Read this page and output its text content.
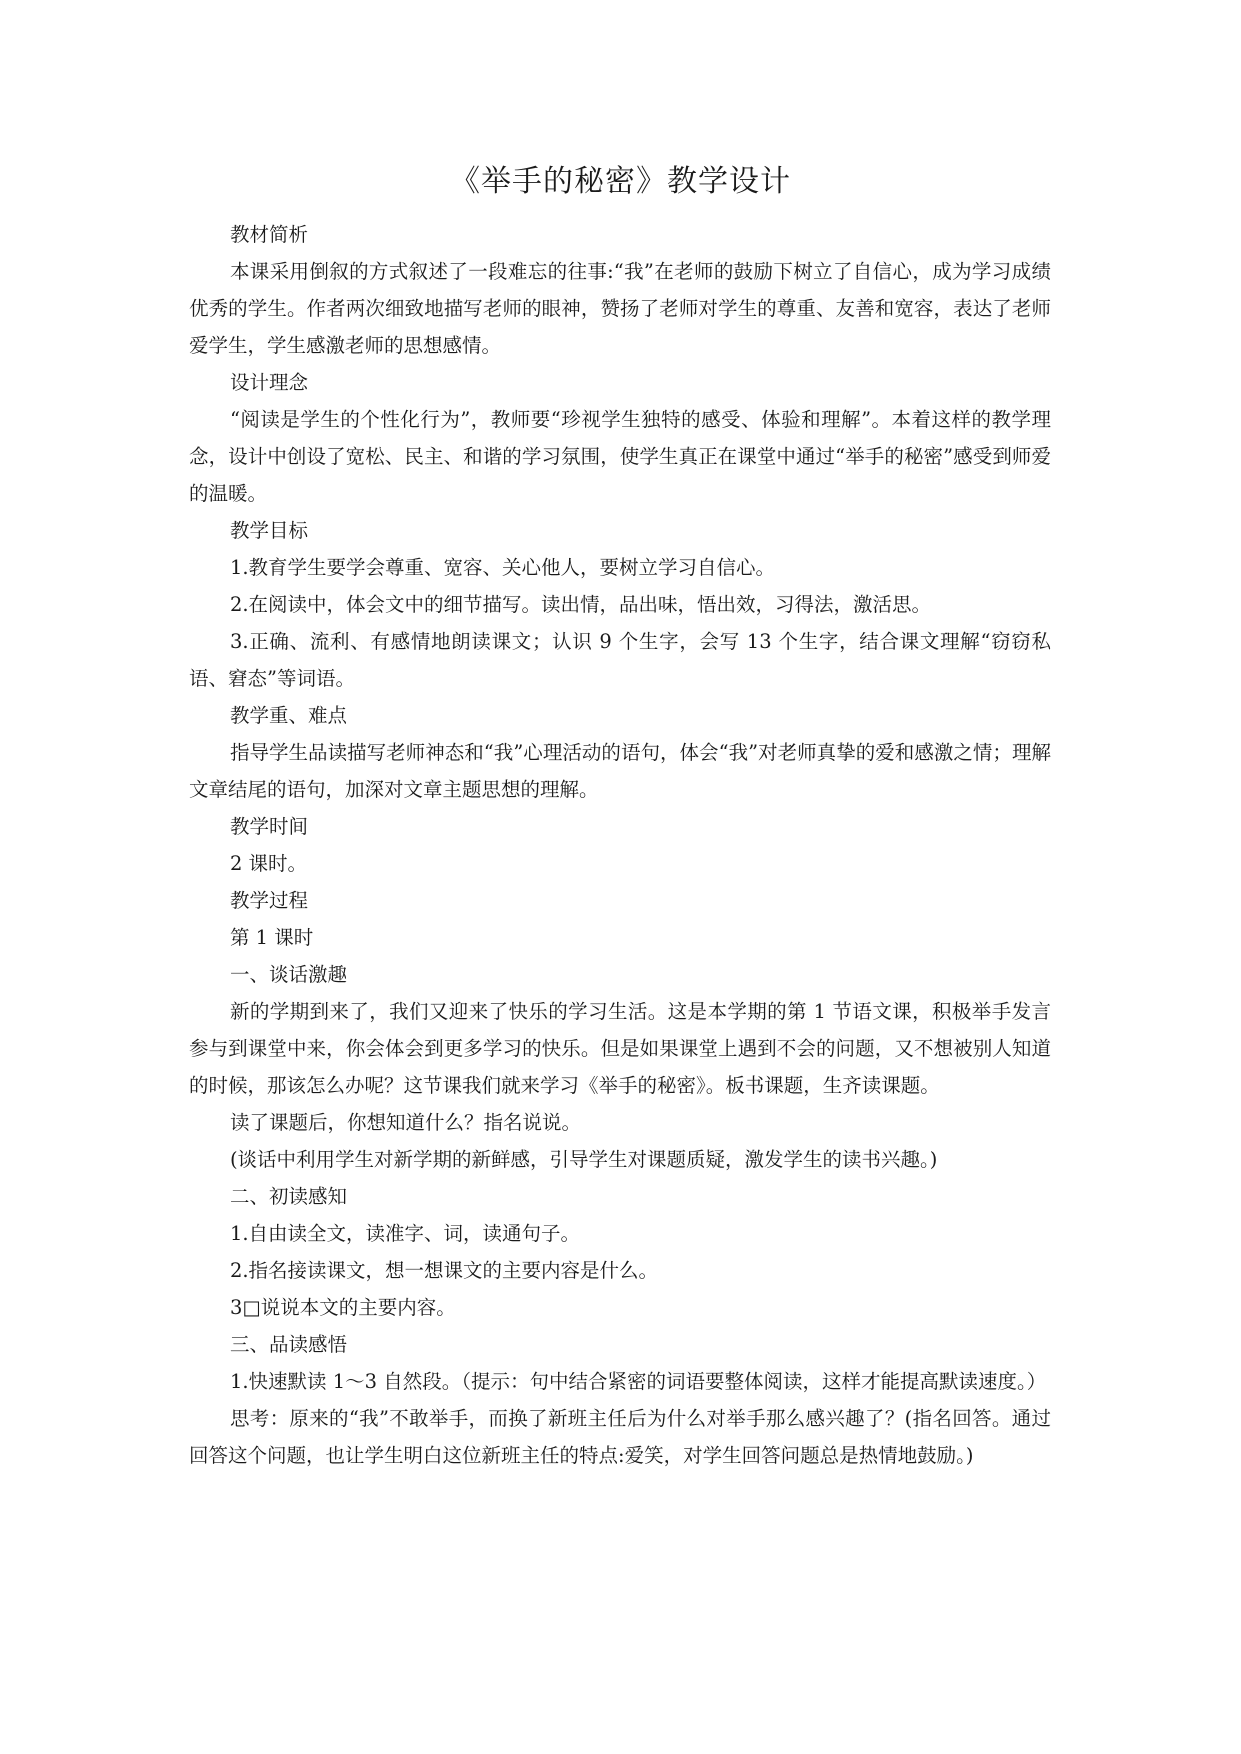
《举手的秘密》教学设计

教材简析

本课采用倒叙的方式叙述了一段难忘的往事:“我”在老师的鼓励下树立了自信心，成为学习成绩优秀的学生。作者两次细致地描写老师的眼神，赞扬了老师对学生的尊重、友善和宽容，表达了老师爱学生，学生感激老师的思想感情。

设计理念

“阅读是学生的个性化行为”，教师要“珍视学生独特的感受、体验和理解”。本着这样的教学理念，设计中创设了宽松、民主、和谐的学习氛围，使学生真正在课堂中通过“举手的秘密”感受到师爱的温暖。

教学目标

1.教育学生要学会尊重、宽容、关心他人，要树立学习自信心。

2.在阅读中，体会文中的细节描写。读出情，品出味，悟出效，习得法，激活思。

3.正确、流利、有感情地朗读课文；认识 9 个生字，会写 13 个生字，结合课文理解“窃窃私语、窘态”等词语。

教学重、难点

指导学生品读描写老师神态和“我”心理活动的语句，体会“我”对老师真挚的爱和感激之情；理解文章结尾的语句，加深对文章主题思想的理解。

教学时间

2 课时。

教学过程

第 1 课时

一、谈话激趣

新的学期到来了，我们又迎来了快乐的学习生活。这是本学期的第 1 节语文课，积极举手发言参与到课堂中来，你会体会到更多学习的快乐。但是如果课堂上遇到不会的问题，又不想被别人知道的时候，那该怎么办呢？这节课我们就来学习《举手的秘密》。板书课题，生齐读课题。

读了课题后，你想知道什么？指名说说。

(谈话中利用学生对新学期的新鲜感，引导学生对课题质疑，激发学生的读书兴趣。)

二、初读感知

1.自由读全文，读准字、词，读通句子。

2.指名接读课文，想一想课文的主要内容是什么。

3□说说本文的主要内容。

三、品读感悟

1.快速默读 1～3 自然段。（提示：句中结合紧密的词语要整体阅读，这样才能提高默读速度。）

思考：原来的“我”不敢举手，而换了新班主任后为什么对举手那么感兴趣了？(指名回答。通过回答这个问题，也让学生明白这位新班主任的特点:爱笑，对学生回答问题总是热情地鼓励。)
